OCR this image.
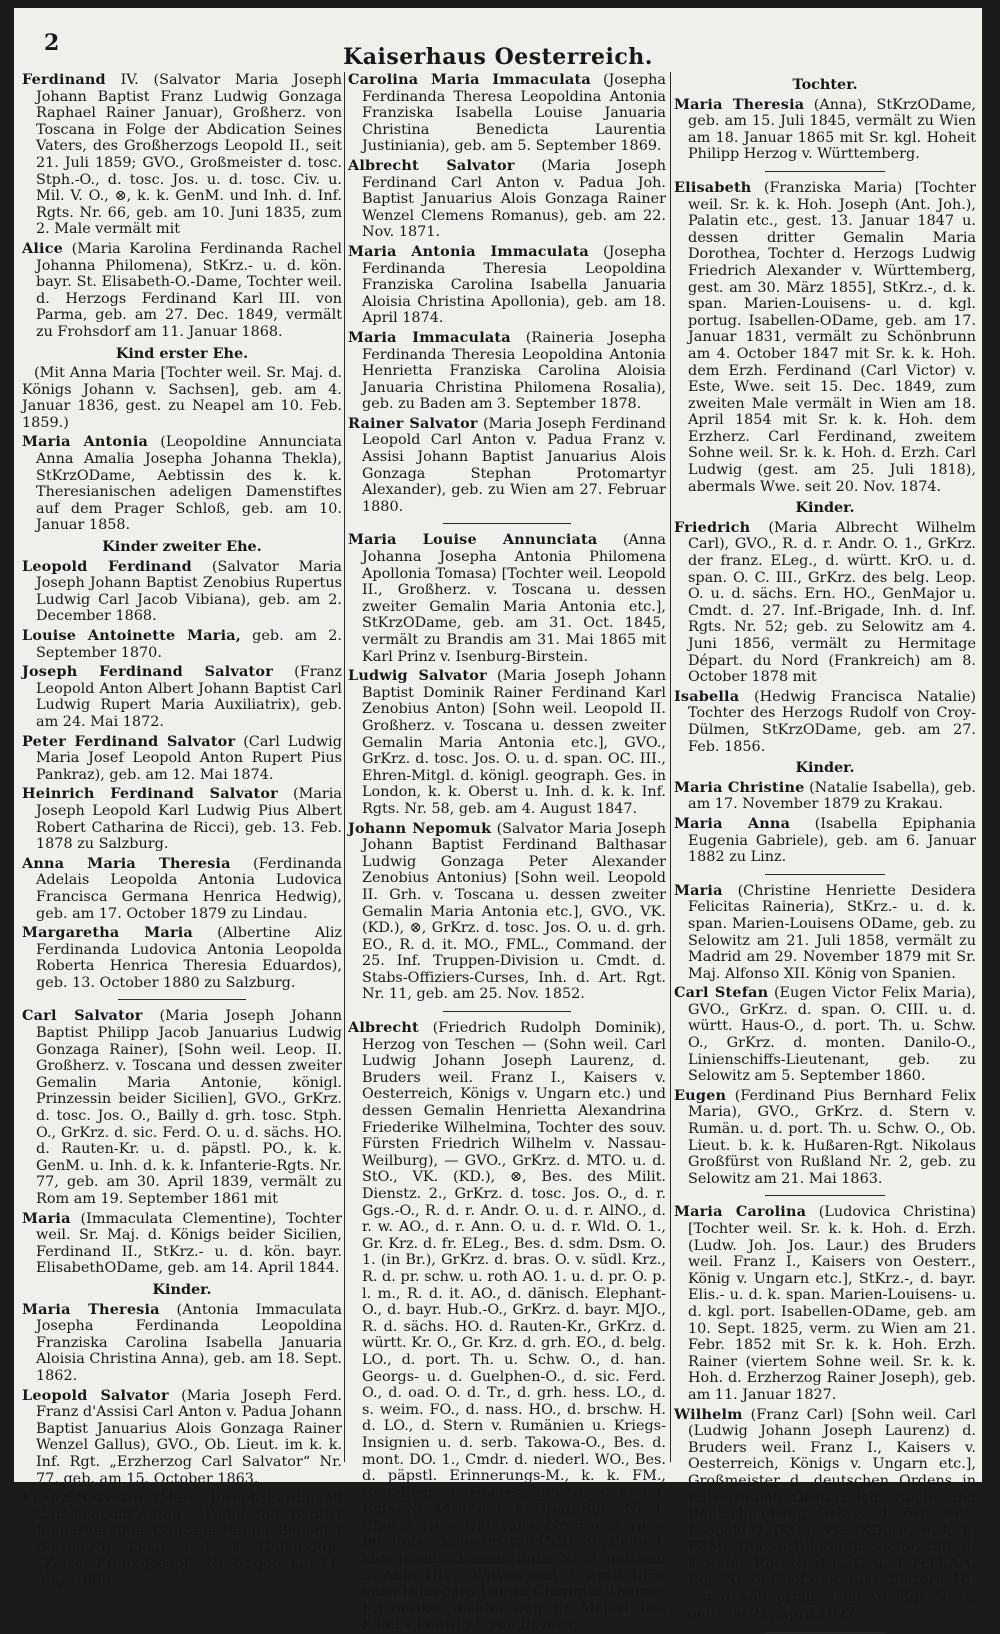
2
Kaiserhaus Oesterreich.

Ferdinand IV. (Salvator Maria Joseph Johann Baptist Franz Ludwig Gonzaga Raphael Rainer Januar), Großherz. von Toscana in Folge der Abdication Seines Vaters, des Großherzogs Leopold II., seit 21. Juli 1859; GVO., Großmeister d. tosc. Stph.-O., d. tosc. Jos. u. d. tosc. Civ. u. Mil. V. O., ⊗, k. k. GenM. und Inh. d. Inf. Rgts. Nr. 66, geb. am 10. Juni 1835, zum 2. Male vermält mit

Alice (Maria Karolina Ferdinanda Rachel Johanna Philomena), StKrz.- u. d. kön. bayr. St. Elisabeth-O.-Dame, Tochter weil. d. Herzogs Ferdinand Karl III. von Parma, geb. am 27. Dec. 1849, vermält zu Frohsdorf am 11. Januar 1868.

Kind erster Ehe.

(Mit Anna Maria [Tochter weil. Sr. Maj. d. Königs Johann v. Sachsen], geb. am 4. Januar 1836, gest. zu Neapel am 10. Feb. 1859.)

Maria Antonia (Leopoldine Annunciata Anna Amalia Josepha Johanna Thekla), StKrzODame, Aebtissin des k. k. Theresianischen adeligen Damenstiftes auf dem Prager Schloß, geb. am 10. Januar 1858.

Kinder zweiter Ehe.

Leopold Ferdinand (Salvator Maria Joseph Johann Baptist Zenobius Rupertus Ludwig Carl Jacob Vibiana), geb. am 2. December 1868.

Louise Antoinette Maria, geb. am 2. September 1870.

Joseph Ferdinand Salvator (Franz Leopold Anton Albert Johann Baptist Carl Ludwig Rupert Maria Auxiliatrix), geb. am 24. Mai 1872.

Peter Ferdinand Salvator (Carl Ludwig Maria Josef Leopold Anton Rupert Pius Pankraz), geb. am 12. Mai 1874.

Heinrich Ferdinand Salvator (Maria Joseph Leopold Karl Ludwig Pius Albert Robert Catharina de Ricci), geb. 13. Feb. 1878 zu Salzburg.

Anna Maria Theresia (Ferdinanda Adelais Leopolda Antonia Ludovica Francisca Germana Henrica Hedwig), geb. am 17. October 1879 zu Lindau.

Margaretha Maria (Albertine Aliz Ferdinanda Ludovica Antonia Leopolda Roberta Henrica Theresia Eduardos), geb. 13. October 1880 zu Salzburg.

Carl Salvator (Maria Joseph Johann Baptist Philipp Jacob Januarius Ludwig Gonzaga Rainer), [Sohn weil. Leop. II. Großherz. v. Toscana und dessen zweiter Gemalin Maria Antonie, königl. Prinzessin beider Sicilien], GVO., GrKrz. d. tosc. Jos. O., Bailly d. grh. tosc. Stph. O., GrKrz. d. sic. Ferd. O. u. d. sächs. HO. d. Rauten-Kr. u. d. päpstl. PO., k. k. GenM. u. Inh. d. k. k. Infanterie-Rgts. Nr. 77, geb. am 30. April 1839, vermält zu Rom am 19. September 1861 mit

Maria (Immaculata Clementine), Tochter weil. Sr. Maj. d. Königs beider Sicilien, Ferdinand II., StKrz.- u. d. kön. bayr. ElisabethODame, geb. am 14. April 1844.

Kinder.

Maria Theresia (Antonia Immaculata Josepha Ferdinanda Leopoldina Franziska Carolina Isabella Januaria Aloisia Christina Anna), geb. am 18. Sept. 1862.

Leopold Salvator (Maria Joseph Ferd. Franz d'Assisi Carl Anton v. Padua Johann Baptist Januarius Alois Gonzaga Rainer Wenzel Gallus), GVO., Ob. Lieut. im k. k. Inf. Rgt. „Erzherzog Carl Salvator“ Nr. 77, geb. am 15. October 1863.

Franz Salvator (Maria Joseph Ferdinand Carl Leopold Anton v. Padua Joh. Baptist Januarius Alois Gonzaga Rainer Benedict Bernhard), Lieut. i. k. k. Uhlan.-Rgt. „Kaiser Franz Joseph“ Nr. 6, geb. am 21. Aug. 1866.

Carolina Maria Immaculata (Josepha Ferdinanda Theresa Leopoldina Antonia Franziska Isabella Louise Januaria Christina Benedicta Laurentia Justiniania), geb. am 5. September 1869.

Albrecht Salvator (Maria Joseph Ferdinand Carl Anton v. Padua Joh. Baptist Januarius Alois Gonzaga Rainer Wenzel Clemens Romanus), geb. am 22. Nov. 1871.

Maria Antonia Immaculata (Josepha Ferdinanda Theresia Leopoldina Franziska Carolina Isabella Januaria Aloisia Christina Apollonia), geb. am 18. April 1874.

Maria Immaculata (Raineria Josepha Ferdinanda Theresia Leopoldina Antonia Henrietta Franziska Carolina Aloisia Januaria Christina Philomena Rosalia), geb. zu Baden am 3. September 1878.

Rainer Salvator (Maria Joseph Ferdinand Leopold Carl Anton v. Padua Franz v. Assisi Johann Baptist Januarius Alois Gonzaga Stephan Protomartyr Alexander), geb. zu Wien am 27. Februar 1880.

Maria Louise Annunciata (Anna Johanna Josepha Antonia Philomena Apollonia Tomasa) [Tochter weil. Leopold II., Großherz. v. Toscana u. dessen zweiter Gemalin Maria Antonia etc.], StKrzODame, geb. am 31. Oct. 1845, vermält zu Brandis am 31. Mai 1865 mit Karl Prinz v. Isenburg-Birstein.

Ludwig Salvator (Maria Joseph Johann Baptist Dominik Rainer Ferdinand Karl Zenobius Anton) [Sohn weil. Leopold II. Großherz. v. Toscana u. dessen zweiter Gemalin Maria Antonia etc.], GVO., GrKrz. d. tosc. Jos. O. u. d. span. OC. III., Ehren-Mitgl. d. königl. geograph. Ges. in London, k. k. Oberst u. Inh. d. k. k. Inf. Rgts. Nr. 58, geb. am 4. August 1847.

Johann Nepomuk (Salvator Maria Joseph Johann Baptist Ferdinand Balthasar Ludwig Gonzaga Peter Alexander Zenobius Antonius) [Sohn weil. Leopold II. Grh. v. Toscana u. dessen zweiter Gemalin Maria Antonia etc.], GVO., VK. (KD.), ⊗, GrKrz. d. tosc. Jos. O. u. d. grh. EO., R. d. it. MO., FML., Command. der 25. Inf. Truppen-Division u. Cmdt. d. Stabs-Offiziers-Curses, Inh. d. Art. Rgt. Nr. 11, geb. am 25. Nov. 1852.

Albrecht (Friedrich Rudolph Dominik), Herzog von Teschen — (Sohn weil. Carl Ludwig Johann Joseph Laurenz, d. Bruders weil. Franz I., Kaisers v. Oesterreich, Königs v. Ungarn etc.) und dessen Gemalin Henrietta Alexandrina Friederike Wilhelmina, Tochter des souv. Fürsten Friedrich Wilhelm v. Nassau-Weilburg), — GVO., GrKrz. d. MTO. u. d. StO., VK. (KD.), ⊗, Bes. des Milit. Dienstz. 2., GrKrz. d. tosc. Jos. O., d. r. Ggs.-O., R. d. r. Andr. O. u. d. r. AlNO., d. r. w. AO., d. r. Ann. O. u. d. r. Wld. O. 1., Gr. Krz. d. fr. ELeg., Bes. d. sdm. Dsm. O. 1. (in Br.), GrKrz. d. bras. O. v. südl. Krz., R. d. pr. schw. u. roth AO. 1. u. d. pr. O. p. l. m., R. d. it. AO., d. dänisch. Elephant-O., d. bayr. Hub.-O., GrKrz. d. bayr. MJO., R. d. sächs. HO. d. Rauten-Kr., GrKrz. d. württ. Kr. O., Gr. Krz. d. grh. EO., d. belg. LO., d. port. Th. u. Schw. O., d. han. Georgs- u. d. Guelphen-O., d. sic. Ferd. O., d. oad. O. d. Tr., d. grh. hess. LO., d. s. weim. FO., d. nass. HO., d. brschw. H. d. LO., d. Stern v. Rumänien u. Kriegs-Insignien u. d. serb. Takowa-O., Bes. d. mont. DO. 1., Cmdr. d. niederl. WO., Bes. d. päpstl. Erinnerungs-M., k. k. FM., Gen.-Insp. d. Heeres, Inh. d. k. k. Inf. Rgts. Nr. 44 u. d. k. k. Drag. Rgts. Nr. 4, Chef d. russ. Uhl. Rgts. Nr. 5 u. d. russ. Inf. Rgts. „Wilmanstrand“ Nr. 86, dann d. kön. preuß. Grenad. Rgts. Nr. 3; geb. am 3. Aug. 1817. Witwer seit 2. April 1864 nach Hildegard Louise Charlotte Therese Friederike, Tochter weil. Sr. Majest. des Königs Ludwig I. von Bayern.

Tochter.

Maria Theresia (Anna), StKrzODame, geb. am 15. Juli 1845, vermält zu Wien am 18. Januar 1865 mit Sr. kgl. Hoheit Philipp Herzog v. Württemberg.

Elisabeth (Franziska Maria) [Tochter weil. Sr. k. k. Hoh. Joseph (Ant. Joh.), Palatin etc., gest. 13. Januar 1847 u. dessen dritter Gemalin Maria Dorothea, Tochter d. Herzogs Ludwig Friedrich Alexander v. Württemberg, gest. am 30. März 1855], StKrz.-, d. k. span. Marien-Louisens- u. d. kgl. portug. Isabellen-ODame, geb. am 17. Januar 1831, vermält zu Schönbrunn am 4. October 1847 mit Sr. k. k. Hoh. dem Erzh. Ferdinand (Carl Victor) v. Este, Wwe. seit 15. Dec. 1849, zum zweiten Male vermält in Wien am 18. April 1854 mit Sr. k. k. Hoh. dem Erzherz. Carl Ferdinand, zweitem Sohne weil. Sr. k. k. Hoh. d. Erzh. Carl Ludwig (gest. am 25. Juli 1818), abermals Wwe. seit 20. Nov. 1874.

Kinder.

Friedrich (Maria Albrecht Wilhelm Carl), GVO., R. d. r. Andr. O. 1., GrKrz. der franz. ELeg., d. württ. KrO. u. d. span. O. C. III., GrKrz. des belg. Leop. O. u. d. sächs. Ern. HO., GenMajor u. Cmdt. d. 27. Inf.-Brigade, Inh. d. Inf. Rgts. Nr. 52; geb. zu Selowitz am 4. Juni 1856, vermält zu Hermitage Départ. du Nord (Frankreich) am 8. October 1878 mit

Isabella (Hedwig Francisca Natalie) Tochter des Herzogs Rudolf von Croy-Dülmen, StKrzODame, geb. am 27. Feb. 1856.

Kinder.

Maria Christine (Natalie Isabella), geb. am 17. November 1879 zu Krakau.

Maria Anna (Isabella Epiphania Eugenia Gabriele), geb. am 6. Januar 1882 zu Linz.

Maria (Christine Henriette Desidera Felicitas Raineria), StKrz.- u. d. k. span. Marien-Louisens ODame, geb. zu Selowitz am 21. Juli 1858, vermält zu Madrid am 29. November 1879 mit Sr. Maj. Alfonso XII. König von Spanien.

Carl Stefan (Eugen Victor Felix Maria), GVO., GrKrz. d. span. O. CIII. u. d. württ. Haus-O., d. port. Th. u. Schw. O., GrKrz. d. monten. Danilo-O., Linienschiffs-Lieutenant, geb. zu Selowitz am 5. September 1860.

Eugen (Ferdinand Pius Bernhard Felix Maria), GVO., GrKrz. d. Stern v. Rumän. u. d. port. Th. u. Schw. O., Ob. Lieut. b. k. k. Hußaren-Rgt. Nikolaus Großfürst von Rußland Nr. 2, geb. zu Selowitz am 21. Mai 1863.

Maria Carolina (Ludovica Christina) [Tochter weil. Sr. k. k. Hoh. d. Erzh. (Ludw. Joh. Jos. Laur.) des Bruders weil. Franz I., Kaisers von Oesterr., König v. Ungarn etc.], StKrz.-, d. bayr. Elis.- u. d. k. span. Marien-Louisens- u. d. kgl. port. Isabellen-ODame, geb. am 10. Sept. 1825, verm. zu Wien am 21. Febr. 1852 mit Sr. k. k. Hoh. Erzh. Rainer (viertem Sohne weil. Sr. k. k. Hoh. d. Erzherzog Rainer Joseph), geb. am 11. Januar 1827.

Wilhelm (Franz Carl) [Sohn weil. Carl (Ludwig Johann Joseph Laurenz) d. Bruders weil. Franz I., Kaisers v. Oesterreich, Königs v. Ungarn etc.], Großmeister d. deutschen Ordens in Kaiserthume Oesterreich, Hoch- und Deutschmeister, GrKrz. d. öst. kais. Leopold-O. (KD.), VK. (KD.) u. ⊗; k. k. FZM., Gen.-Artillerie-Inspector, Inh. d. k. k. Inf. Rgt. Nr. 4 u. 12 u. d. Feld-Art. Rgt. Nr. 6; Chef d. k. russ. Batterie Nr. 7 u. d. kön. preuß. Feld-Art. Rgt. Nr. 1; geb. am 21. April 1827.
